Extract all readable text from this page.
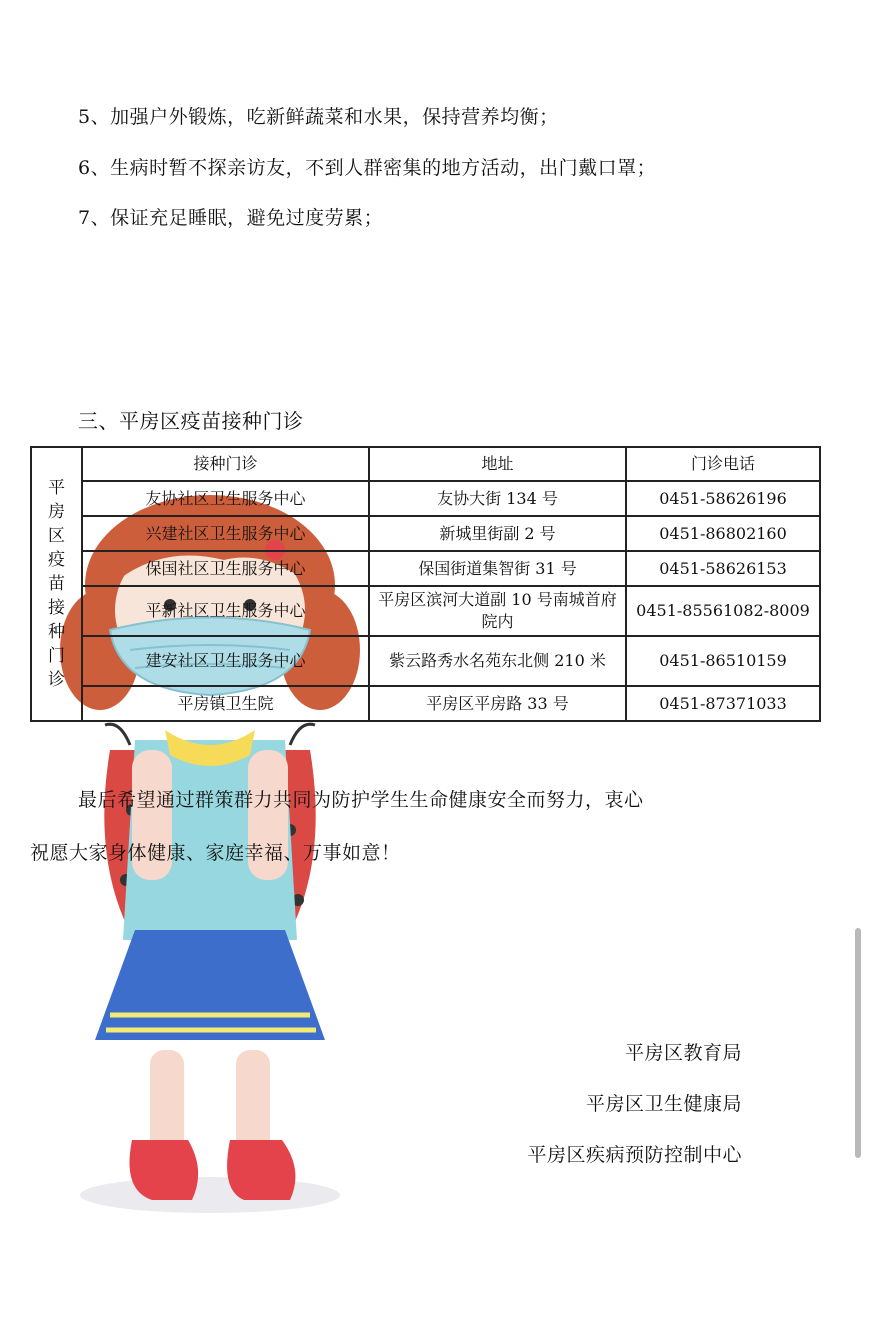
5、加强户外锻炼，吃新鲜蔬菜和水果，保持营养均衡；
6、生病时暂不探亲访友，不到人群密集的地方活动，出门戴口罩；
7、保证充足睡眠，避免过度劳累；
三、平房区疫苗接种门诊
平房区疫苗接种门诊	接种门诊	地址	门诊电话
	友协社区卫生服务中心	友协大街 134 号	0451-58626196
	兴建社区卫生服务中心	新城里街副 2 号	0451-86802160
	保国社区卫生服务中心	保国街道集智街 31 号	0451-58626153
	平新社区卫生服务中心	平房区滨河大道副 10 号南城首府院内	0451-85561082-8009
	建安社区卫生服务中心	紫云路秀水名苑东北侧 210 米	0451-86510159
	平房镇卫生院	平房区平房路 33 号	0451-87371033
最后希望通过群策群力共同为防护学生生命健康安全而努力，衷心
祝愿大家身体健康、家庭幸福、万事如意！
平房区教育局
平房区卫生健康局
平房区疾病预防控制中心
